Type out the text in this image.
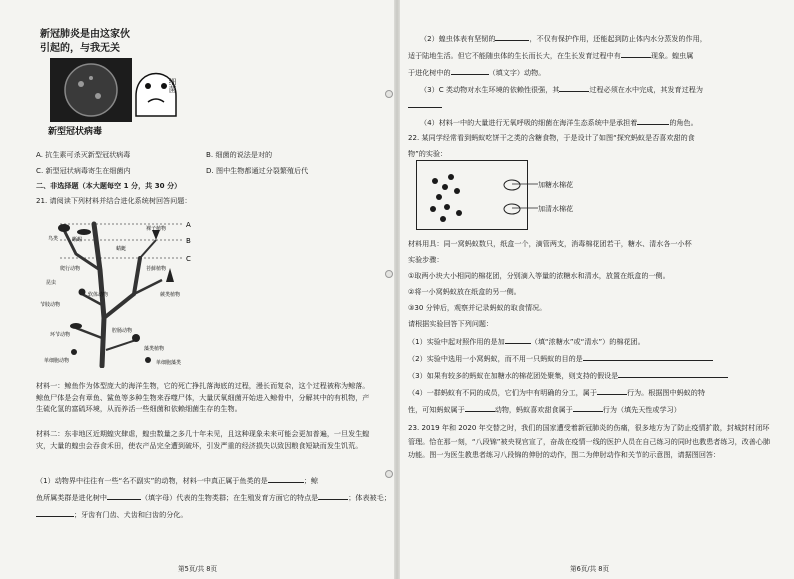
新冠肺炎是由这家伙
引起的，与我无关
细菌
新型冠状病毒
A. 抗生素可杀灭新型冠状病毒	B. 细菌的说法是对的
C. 新型冠状病毒寄生在细菌内	D. 图中生物都通过分裂繁殖后代
二、非选择题（本大题每空 1 分，共 30 分）
21. 请阅读下列材料并结合进化系统树回答问题：
A
B
C
鸟类	蜥蜴
爬行动物
昆虫
蜻蜓
裸子植物
苔藓植物
节肢动物
软体动物	蕨类植物
环节动物
腔肠动物
藻类植物
单细胞动物	单细胞藻类
材料一：鲸鱼作为体型庞大的海洋生物，它的死亡挣扎落海底的过程，漫长而复杂，这个过程被称为鲸落。鲸鱼尸体是会有章鱼、鲨鱼等多种生物来吞噬尸体，大量厌氧细菌开始进入鲸骨中，分解其中的有机物，产生硫化氢的富硫环境，从而养活一些细菌和依赖细菌生存的生物。
材料二：东非地区近期蝗灾肆虐，蝗虫数量之多几十年未见，且这种现象未来可能会更加普遍，一旦发生蝗灾，大量的蝗虫会吞食禾田，使农产品完全遭到破坏，引发严重的经济损失以致因粮食短缺而发生饥荒。
（1）动物界中往往有一些“名不副实”的动物，材料一中真正属于鱼类的是	；鲸
鱼所属类群是进化树中	（填字母）代表的生物类群；在生殖发育方面它的特点是	；体表被毛；
；牙齿有门齿、犬齿和臼齿的分化。
第5页/共 8页
（2）蝗虫体表有坚韧的	，不仅有保护作用，还能起到防止体内水分蒸发的作用，
适于陆地生活。但它不能随虫体的生长而长大，在生长发育过程中有	现象。蝗虫属
于进化树中的	（填文字）动物。
（3）C 类动物对水生环境的依赖性很强，其	过程必须在水中完成，其发育过程为
（4）材料一中的大量进行无氧呼吸的细菌在海洋生态系统中是承担着	的角色。
22. 某同学经常看到蚂蚁吃饼干之类的含糖食物，于是设计了如图“探究蚂蚁是否喜欢甜的食
物”的实验：
加糖水棉花
加清水棉花
材料用具：同一窝蚂蚁数只，纸盒一个，滴管两支，消毒棉花团若干，糖水、清水各一小杯
实验步骤：
①取两小块大小相同的棉花团，分别滴入等量的浓糖水和清水，放置在纸盒的一侧。
②将一小窝蚂蚁放在纸盒的另一侧。
③30 分钟后，观察并记录蚂蚁的取食情况。
请根据实验回答下列问题：
（1）实验中起对照作用的是加	（填“浓糖水”或“清水”）的棉花团。
（2）实验中选用一小窝蚂蚁，而不用一只蚂蚁的目的是
（3）如果有较多的蚂蚁在加糖水的棉花团处聚集，则支持的假设是
（4）一群蚂蚁有不同的成员，它们为中有明确的分工，属于	行为。根据图中蚂蚁的特
性，可知蚂蚁属于	动物，蚂蚁喜欢甜食属于	行为（填先天性或学习）
23. 2019 年和 2020 年交替之时，我们的国家遭受着新冠肺炎的伤痛，很多地方为了防止疫情扩散，封城封村闭环管理。恰在那一刻，“八段锦”被央视官宣了，奋战在疫情一线的医护人员在自己练习的同时也教患者练习，改善心肺功能。图一为医生教患者练习八段锦的伸肘的动作，图二为伸肘动作和关节的示意图，请据图回答：
第6页/共 8页
